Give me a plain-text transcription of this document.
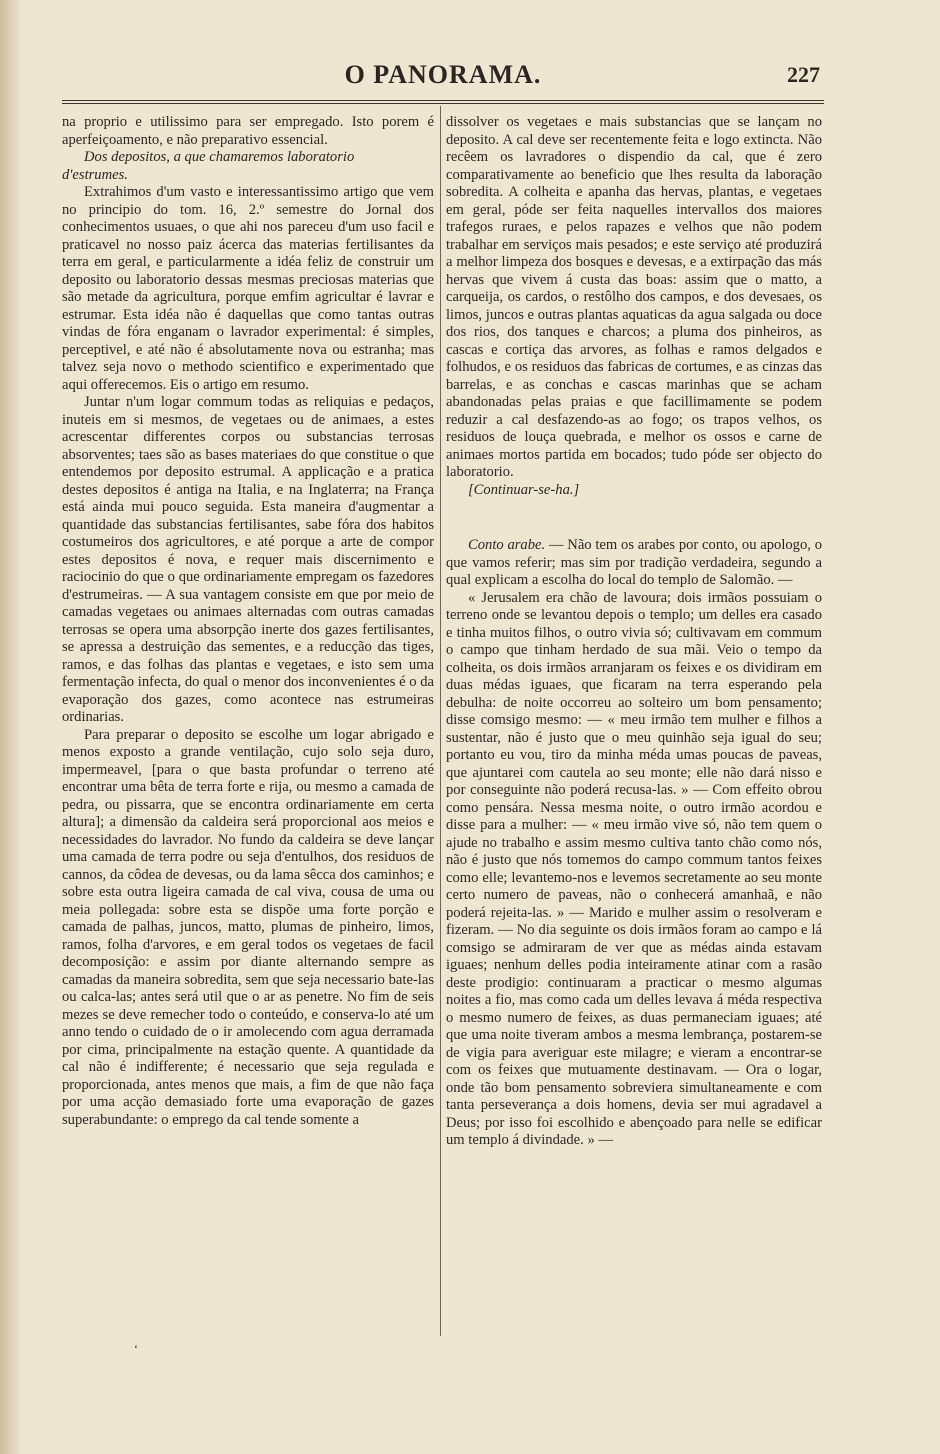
O PANORAMA.	227

na proprio e utilissimo para ser empregado. Isto porem é aperfeiçoamento, e não preparativo essencial.

Dos depositos, a que chamaremos laboratorio
d'estrumes.

Extrahimos d'um vasto e interessantissimo artigo que vem no principio do tom. 16, 2.º semestre do Jornal dos conhecimentos usuaes, o que ahi nos pareceu d'um uso facil e praticavel no nosso paiz ácerca das materias fertilisantes da terra em geral, e particularmente a idéa feliz de construir um deposito ou laboratorio dessas mesmas preciosas materias que são metade da agricultura, porque emfim agricultar é lavrar e estrumar. Esta idéa não é daquellas que como tantas outras vindas de fóra enganam o lavrador experimental: é simples, perceptivel, e até não é absolutamente nova ou estranha; mas talvez seja novo o methodo scientifico e experimentado que aqui offerecemos. Eis o artigo em resumo.

Juntar n'um logar commum todas as reliquias e pedaços, inuteis em si mesmos, de vegetaes ou de animaes, a estes acrescentar differentes corpos ou substancias terrosas absorventes; taes são as bases materiaes do que constitue o que entendemos por deposito estrumal. A applicação e a pratica destes depositos é antiga na Italia, e na Inglaterra; na França está ainda mui pouco seguida. Esta maneira d'augmentar a quantidade das substancias fertilisantes, sabe fóra dos habitos costumeiros dos agricultores, e até porque a arte de compor estes depositos é nova, e requer mais discernimento e raciocinio do que o que ordinariamente empregam os fazedores d'estrumeiras. — A sua vantagem consiste em que por meio de camadas vegetaes ou animaes alternadas com outras camadas terrosas se opera uma absorpção inerte dos gazes fertilisantes, se apressa a destruição das sementes, e a reducção das tiges, ramos, e das folhas das plantas e vegetaes, e isto sem uma fermentação infecta, do qual o menor dos inconvenientes é o da evaporação dos gazes, como acontece nas estrumeiras ordinarias.

Para preparar o deposito se escolhe um logar abrigado e menos exposto a grande ventilação, cujo solo seja duro, impermeavel, [para o que basta profundar o terreno até encontrar uma bêta de terra forte e rija, ou mesmo a camada de pedra, ou pissarra, que se encontra ordinariamente em certa altura]; a dimensão da caldeira será proporcional aos meios e necessidades do lavrador. No fundo da caldeira se deve lançar uma camada de terra podre ou seja d'entulhos, dos residuos de cannos, da côdea de devesas, ou da lama sêcca dos caminhos; e sobre esta outra ligeira camada de cal viva, cousa de uma ou meia pollegada: sobre esta se dispõe uma forte porção e camada de palhas, juncos, matto, plumas de pinheiro, limos, ramos, folha d'arvores, e em geral todos os vegetaes de facil decomposição: e assim por diante alternando sempre as camadas da maneira sobredita, sem que seja necessario bate-las ou calca-las; antes será util que o ar as penetre. No fim de seis mezes se deve remecher todo o conteúdo, e conserva-lo até um anno tendo o cuidado de o ir amolecendo com agua derramada por cima, principalmente na estação quente. A quantidade da cal não é indifferente; é necessario que seja regulada e proporcionada, antes menos que mais, a fim de que não faça por uma acção demasiado forte uma evaporação de gazes superabundante: o emprego da cal tende somente a

dissolver os vegetaes e mais substancias que se lançam no deposito. A cal deve ser recentemente feita e logo extincta. Não recêem os lavradores o dispendio da cal, que é zero comparativamente ao beneficio que lhes resulta da laboração sobredita. A colheita e apanha das hervas, plantas, e vegetaes em geral, póde ser feita naquelles intervallos dos maiores trafegos ruraes, e pelos rapazes e velhos que não podem trabalhar em serviços mais pesados; e este serviço até produzirá a melhor limpeza dos bosques e devesas, e a extirpação das más hervas que vivem á custa das boas: assim que o matto, a carqueija, os cardos, o restôlho dos campos, e dos devesaes, os limos, juncos e outras plantas aquaticas da agua salgada ou doce dos rios, dos tanques e charcos; a pluma dos pinheiros, as cascas e cortiça das arvores, as folhas e ramos delgados e folhudos, e os residuos das fabricas de cortumes, e as cinzas das barrelas, e as conchas e cascas marinhas que se acham abandonadas pelas praias e que facillimamente se podem reduzir a cal desfazendo-as ao fogo; os trapos velhos, os residuos de louça quebrada, e melhor os ossos e carne de animaes mortos partida em bocados; tudo póde ser objecto do laboratorio.

[Continuar-se-ha.]

Conto arabe. — Não tem os arabes por conto, ou apologo, o que vamos referir; mas sim por tradição verdadeira, segundo a qual explicam a escolha do local do templo de Salomão. —

« Jerusalem era chão de lavoura; dois irmãos possuiam o terreno onde se levantou depois o templo; um delles era casado e tinha muitos filhos, o outro vivia só; cultivavam em commum o campo que tinham herdado de sua mãi. Veio o tempo da colheita, os dois irmãos arranjaram os feixes e os dividiram em duas médas iguaes, que ficaram na terra esperando pela debulha: de noite occorreu ao solteiro um bom pensamento; disse comsigo mesmo: — « meu irmão tem mulher e filhos a sustentar, não é justo que o meu quinhão seja igual do seu; portanto eu vou, tiro da minha méda umas poucas de paveas, que ajuntarei com cautela ao seu monte; elle não dará nisso e por conseguinte não poderá recusa-las. » — Com effeito obrou como pensára. Nessa mesma noite, o outro irmão acordou e disse para a mulher: — « meu irmão vive só, não tem quem o ajude no trabalho e assim mesmo cultiva tanto chão como nós, não é justo que nós tomemos do campo commum tantos feixes como elle; levantemo-nos e levemos secretamente ao seu monte certo numero de paveas, não o conhecerá amanhaã, e não poderá rejeita-las. » — Marido e mulher assim o resolveram e fizeram. — No dia seguinte os dois irmãos foram ao campo e lá comsigo se admiraram de ver que as médas ainda estavam iguaes; nenhum delles podia inteiramente atinar com a rasão deste prodigio: continuaram a practicar o mesmo algumas noites a fio, mas como cada um delles levava á méda respectiva o mesmo numero de feixes, as duas permaneciam iguaes; até que uma noite tiveram ambos a mesma lembrança, postarem-se de vigia para averiguar este milagre; e vieram a encontrar-se com os feixes que mutuamente destinavam. — Ora o logar, onde tão bom pensamento sobreviera simultaneamente e com tanta perseverança a dois homens, devia ser mui agradavel a Deus; por isso foi escolhido e abençoado para nelle se edificar um templo á divindade. » —

ʻ
